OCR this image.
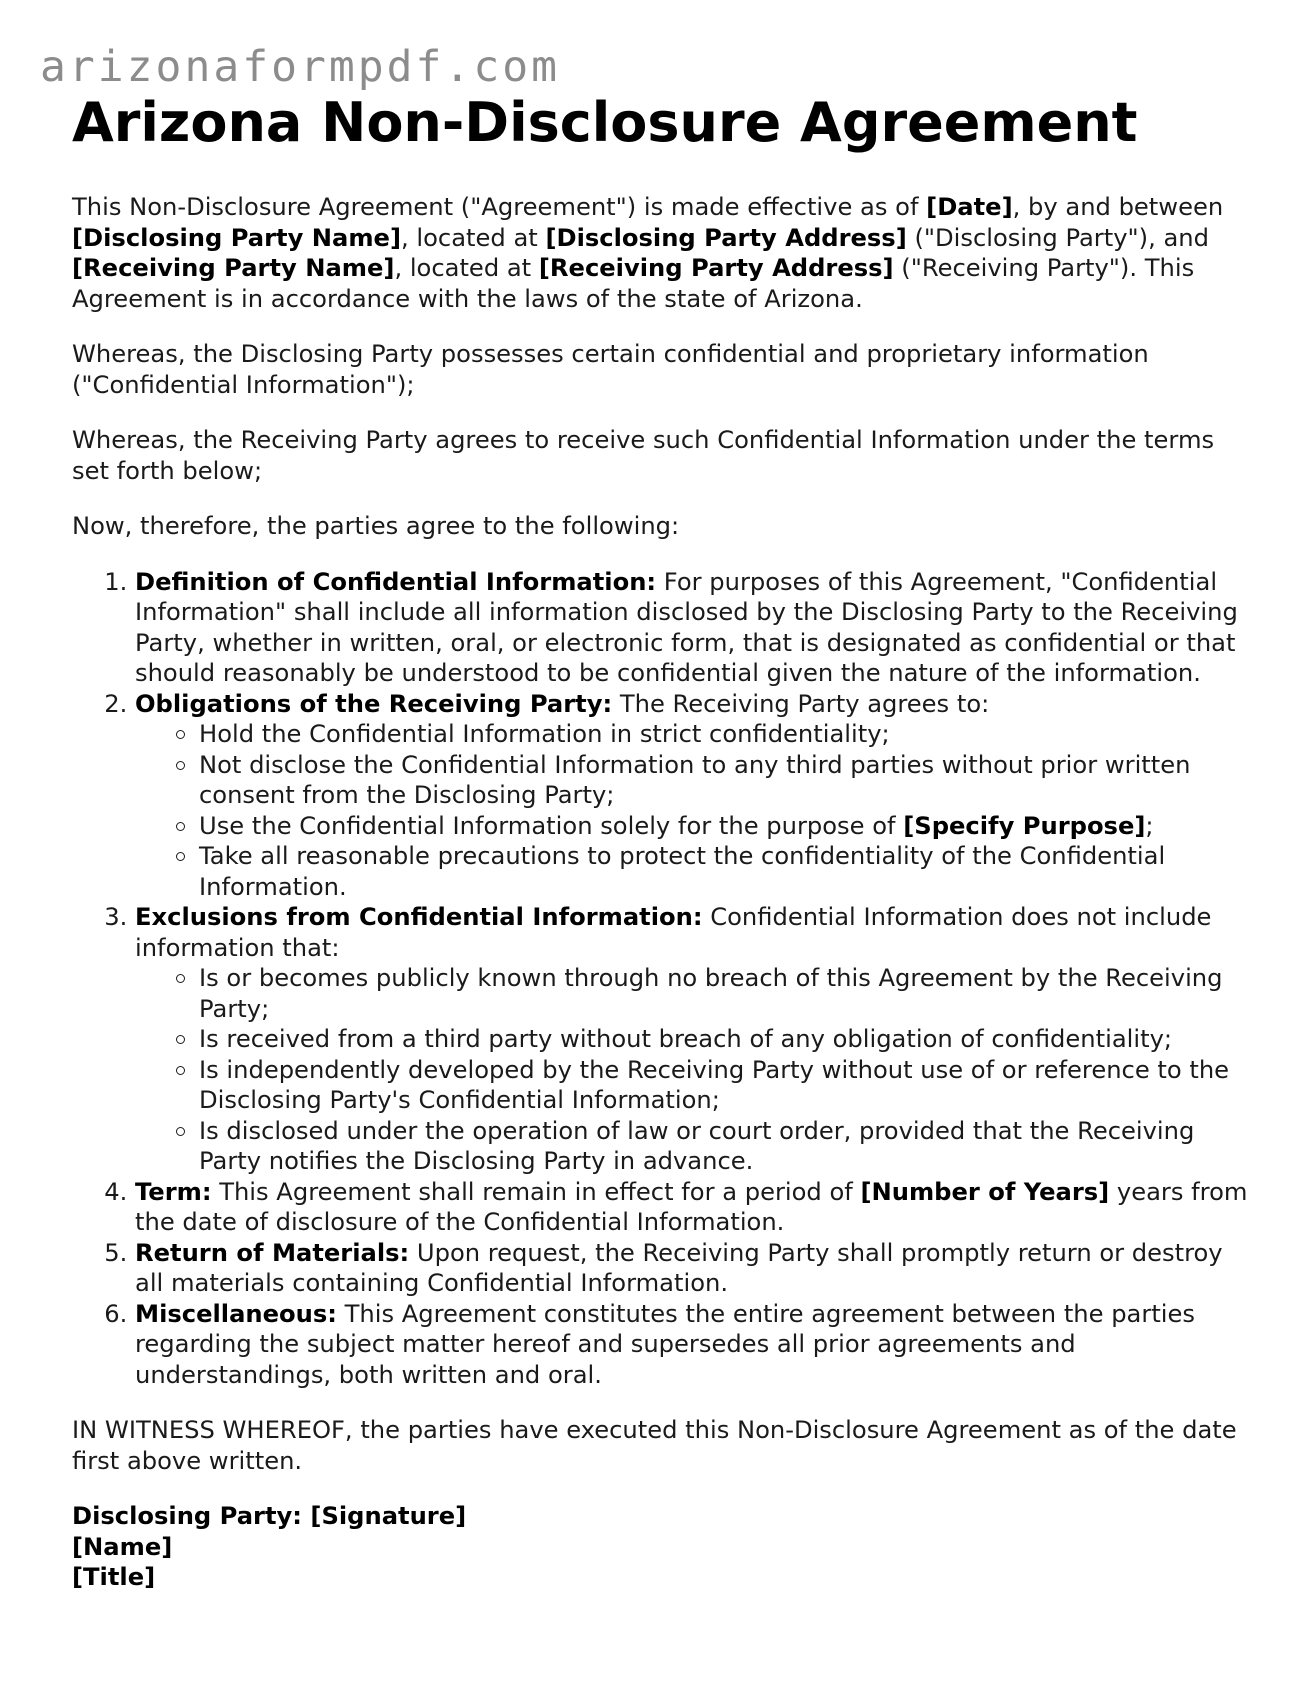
arizonaformpdf.com
Arizona Non-Disclosure Agreement

This Non-Disclosure Agreement ("Agreement") is made effective as of [Date], by and between [Disclosing Party Name], located at [Disclosing Party Address] ("Disclosing Party"), and [Receiving Party Name], located at [Receiving Party Address] ("Receiving Party"). This Agreement is in accordance with the laws of the state of Arizona.

Whereas, the Disclosing Party possesses certain confidential and proprietary information ("Confidential Information");

Whereas, the Receiving Party agrees to receive such Confidential Information under the terms set forth below;

Now, therefore, the parties agree to the following:

1. Definition of Confidential Information: For purposes of this Agreement, "Confidential Information" shall include all information disclosed by the Disclosing Party to the Receiving Party, whether in written, oral, or electronic form, that is designated as confidential or that should reasonably be understood to be confidential given the nature of the information.
2. Obligations of the Receiving Party: The Receiving Party agrees to:
Hold the Confidential Information in strict confidentiality;
Not disclose the Confidential Information to any third parties without prior written consent from the Disclosing Party;
Use the Confidential Information solely for the purpose of [Specify Purpose];
Take all reasonable precautions to protect the confidentiality of the Confidential Information.
3. Exclusions from Confidential Information: Confidential Information does not include information that:
Is or becomes publicly known through no breach of this Agreement by the Receiving Party;
Is received from a third party without breach of any obligation of confidentiality;
Is independently developed by the Receiving Party without use of or reference to the Disclosing Party's Confidential Information;
Is disclosed under the operation of law or court order, provided that the Receiving Party notifies the Disclosing Party in advance.
4. Term: This Agreement shall remain in effect for a period of [Number of Years] years from the date of disclosure of the Confidential Information.
5. Return of Materials: Upon request, the Receiving Party shall promptly return or destroy all materials containing Confidential Information.
6. Miscellaneous: This Agreement constitutes the entire agreement between the parties regarding the subject matter hereof and supersedes all prior agreements and understandings, both written and oral.

IN WITNESS WHEREOF, the parties have executed this Non-Disclosure Agreement as of the date first above written.

Disclosing Party: [Signature]

[Name]

[Title]
